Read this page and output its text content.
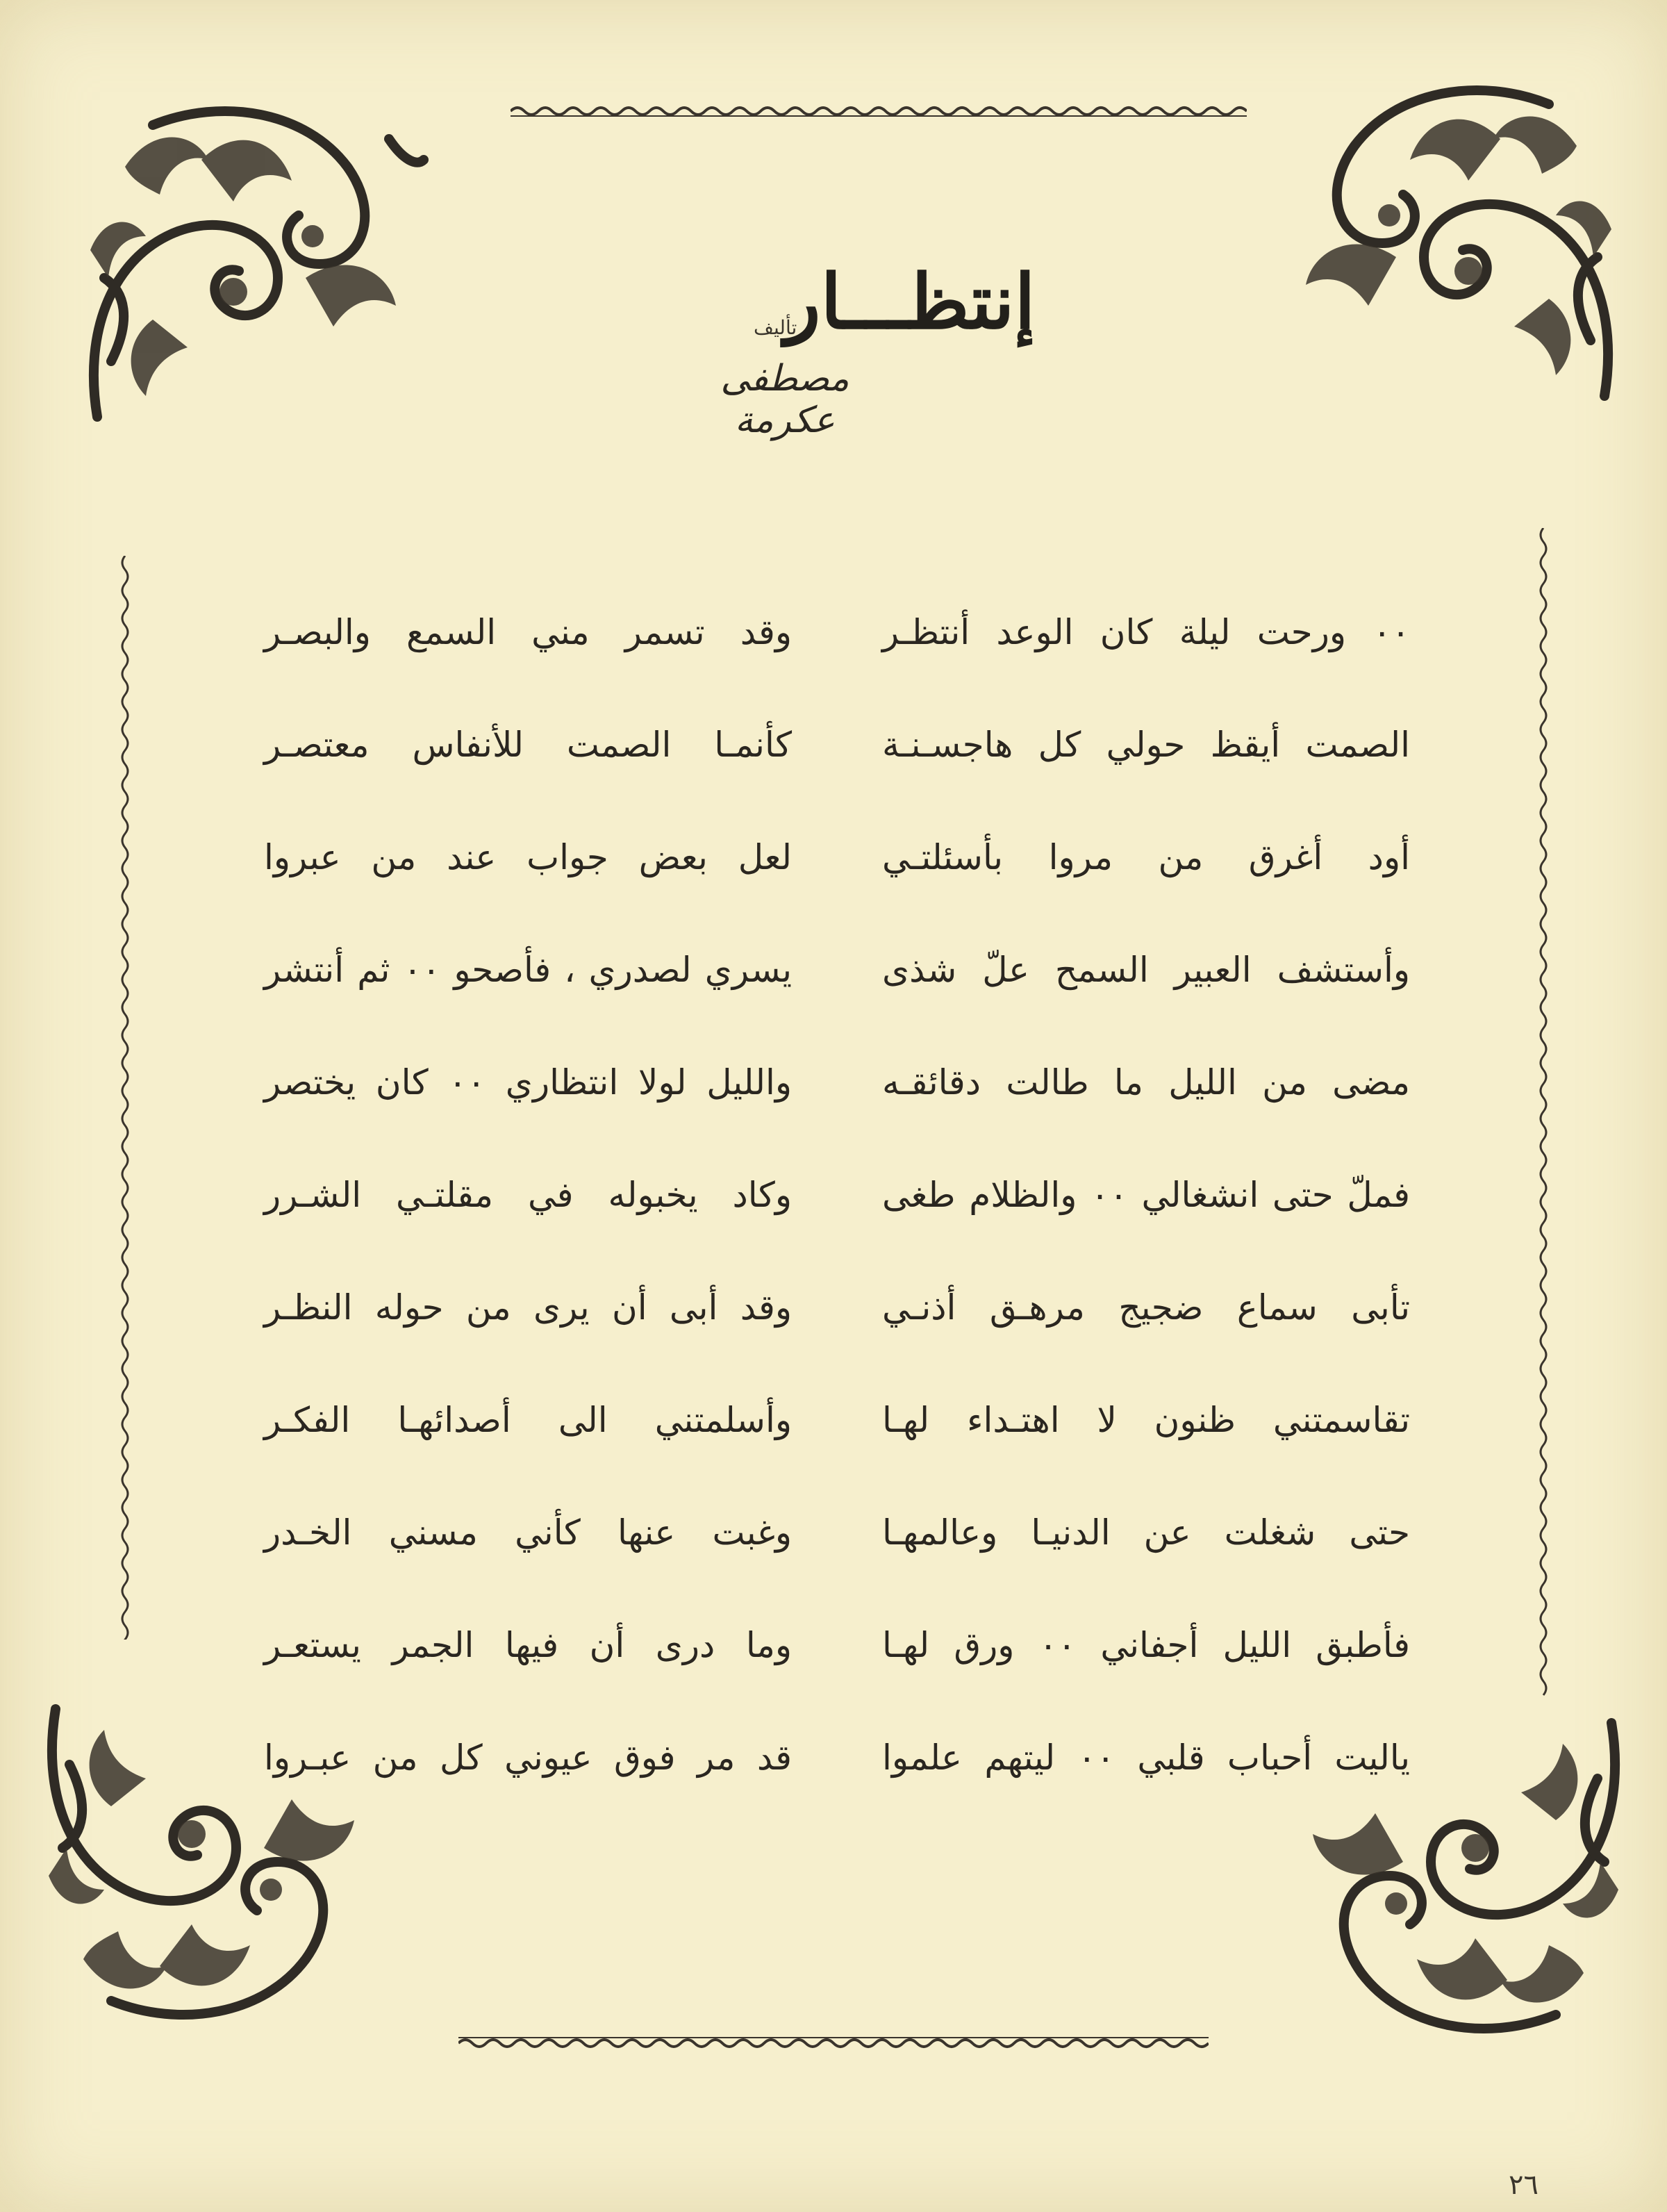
إنتظـــار
تأليف
مصطفى عكرمة
٠٠ ورحت ليلة كان الوعد أنتظـر
وقد تسمر مني السمع والبصـر
الصمت أيقظ حولي كل هاجسـنـة
كأنمـا الصمت للأنفاس معتصـر
أود أغرق من مروا بأسئلتـي
لعل بعض جواب عند من عبروا
وأستشف العبير السمح علّ شذى
يسري لصدري ، فأصحو ٠٠ ثم أنتشر
مضى من الليل ما طالت دقائقـه
والليل لولا انتظاري ٠٠ كان يختصر
فملّ حتى انشغالي ٠٠ والظلام طغى
وكاد يخبوله في مقلتـي الشـرر
تأبى سماع ضجيج مرهـق أذنـي
وقد أبى أن يرى من حوله النظـر
تقاسمتني ظنون لا اهتـداء لهـا
وأسلمتني الى أصدائهـا الفكـر
حتى شغلت عن الدنيـا وعالمهـا
وغبت عنها كأني مسني الخـدر
فأطبق الليل أجفاني ٠٠ ورق لهـا
وما درى أن فيها الجمر يستعـر
ياليت أحباب قلبي ٠٠ ليتهم علموا
قد مر فوق عيوني كل من عبـروا
٢٦
